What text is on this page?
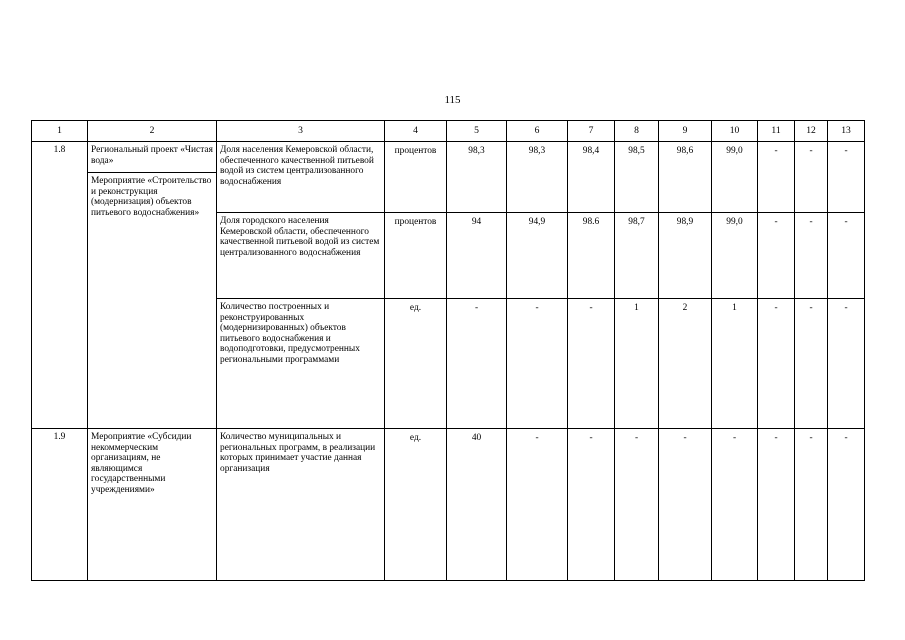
115
1	2	3	4	5	6	7	8	9	10	11	12	13
1.8	Региональный проект «Чистая вода»	Доля населения Кемеровской области, обеспеченного качественной питьевой водой из систем централизованного водоснабжения	процентов	98,3	98,3	98,4	98,5	98,6	99,0	-	-	-
	Мероприятие «Строительство и реконструкция (модернизация) объектов питьевого водоснабжения»											
		Доля городского населения Кемеровской области, обеспеченного качественной питьевой водой из систем централизованного водоснабжения	процентов	94	94,9	98.6	98,7	98,9	99,0	-	-	-
		Количество построенных и реконструированных (модернизированных) объектов питьевого водоснабжения и водоподготовки, предусмотренных региональными программами	ед.	-	-	-	1	2	1	-	-	-
1.9	Мероприятие «Субсидии некоммерческим организациям, не являющимся государственными учреждениями»	Количество муниципальных и региональных программ, в реализации которых принимает участие данная организация	ед.	40	-	-	-	-	-	-	-	-
